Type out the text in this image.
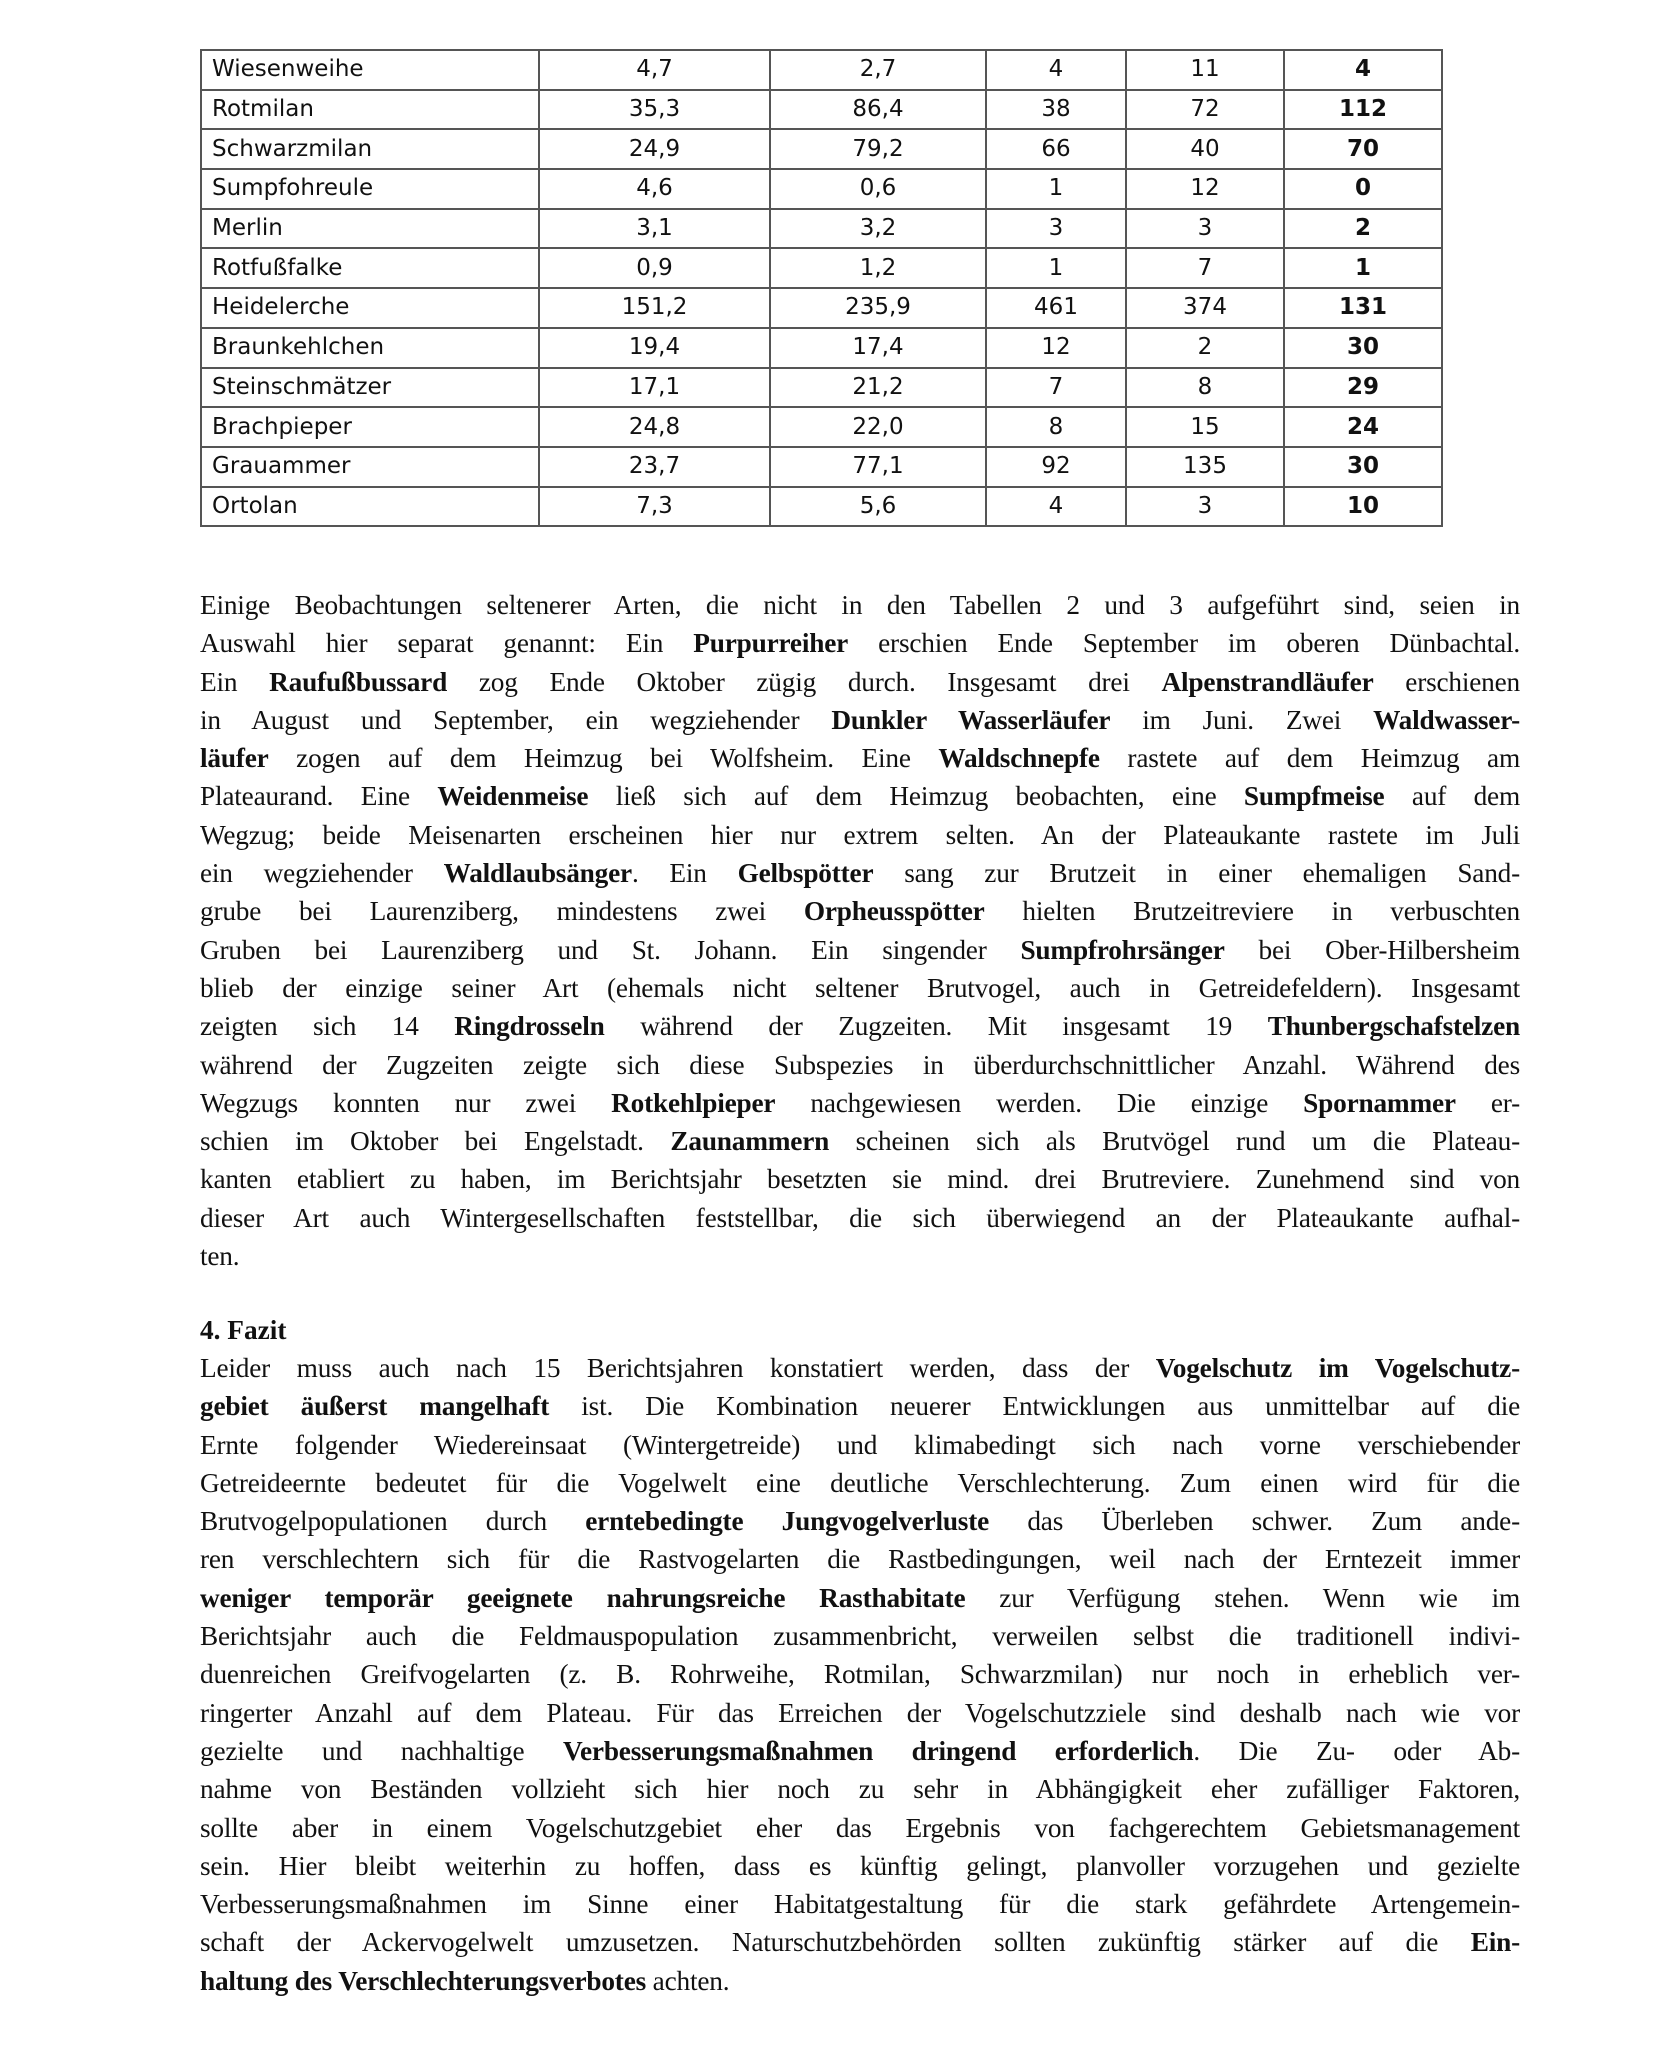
Wiesenweihe	4,7	2,7	4	11	4
Rotmilan	35,3	86,4	38	72	112
Schwarzmilan	24,9	79,2	66	40	70
Sumpfohreule	4,6	0,6	1	12	0
Merlin	3,1	3,2	3	3	2
Rotfußfalke	0,9	1,2	1	7	1
Heidelerche	151,2	235,9	461	374	131
Braunkehlchen	19,4	17,4	12	2	30
Steinschmätzer	17,1	21,2	7	8	29
Brachpieper	24,8	22,0	8	15	24
Grauammer	23,7	77,1	92	135	30
Ortolan	7,3	5,6	4	3	10
Einige Beobachtungen seltenerer Arten, die nicht in den Tabellen 2 und 3 aufgeführt sind, seien in
Auswahl hier separat genannt: Ein Purpurreiher erschien Ende September im oberen Dünbachtal.
Ein Raufußbussard zog Ende Oktober zügig durch. Insgesamt drei Alpenstrandläufer erschienen
in August und September, ein wegziehender Dunkler Wasserläufer im Juni. Zwei Waldwasser-
läufer zogen auf dem Heimzug bei Wolfsheim. Eine Waldschnepfe rastete auf dem Heimzug am
Plateaurand. Eine Weidenmeise ließ sich auf dem Heimzug beobachten, eine Sumpfmeise auf dem
Wegzug; beide Meisenarten erscheinen hier nur extrem selten. An der Plateaukante rastete im Juli
ein wegziehender Waldlaubsänger. Ein Gelbspötter sang zur Brutzeit in einer ehemaligen Sand-
grube bei Laurenziberg, mindestens zwei Orpheusspötter hielten Brutzeitreviere in verbuschten
Gruben bei Laurenziberg und St. Johann. Ein singender Sumpfrohrsänger bei Ober-Hilbersheim
blieb der einzige seiner Art (ehemals nicht seltener Brutvogel, auch in Getreidefeldern). Insgesamt
zeigten sich 14 Ringdrosseln während der Zugzeiten. Mit insgesamt 19 Thunbergschafstelzen
während der Zugzeiten zeigte sich diese Subspezies in überdurchschnittlicher Anzahl. Während des
Wegzugs konnten nur zwei Rotkehlpieper nachgewiesen werden. Die einzige Spornammer er-
schien im Oktober bei Engelstadt. Zaunammern scheinen sich als Brutvögel rund um die Plateau-
kanten etabliert zu haben, im Berichtsjahr besetzten sie mind. drei Brutreviere. Zunehmend sind von
dieser Art auch Wintergesellschaften feststellbar, die sich überwiegend an der Plateaukante aufhal-
ten.
4. Fazit
Leider muss auch nach 15 Berichtsjahren konstatiert werden, dass der Vogelschutz im Vogelschutz-
gebiet äußerst mangelhaft ist. Die Kombination neuerer Entwicklungen aus unmittelbar auf die
Ernte folgender Wiedereinsaat (Wintergetreide) und klimabedingt sich nach vorne verschiebender
Getreideernte bedeutet für die Vogelwelt eine deutliche Verschlechterung. Zum einen wird für die
Brutvogelpopulationen durch erntebedingte Jungvogelverluste das Überleben schwer. Zum ande-
ren verschlechtern sich für die Rastvogelarten die Rastbedingungen, weil nach der Erntezeit immer
weniger temporär geeignete nahrungsreiche Rasthabitate zur Verfügung stehen. Wenn wie im
Berichtsjahr auch die Feldmauspopulation zusammenbricht, verweilen selbst die traditionell indivi-
duenreichen Greifvogelarten (z. B. Rohrweihe, Rotmilan, Schwarzmilan) nur noch in erheblich ver-
ringerter Anzahl auf dem Plateau. Für das Erreichen der Vogelschutzziele sind deshalb nach wie vor
gezielte und nachhaltige Verbesserungsmaßnahmen dringend erforderlich. Die Zu- oder Ab-
nahme von Beständen vollzieht sich hier noch zu sehr in Abhängigkeit eher zufälliger Faktoren,
sollte aber in einem Vogelschutzgebiet eher das Ergebnis von fachgerechtem Gebietsmanagement
sein. Hier bleibt weiterhin zu hoffen, dass es künftig gelingt, planvoller vorzugehen und gezielte
Verbesserungsmaßnahmen im Sinne einer Habitatgestaltung für die stark gefährdete Artengemein-
schaft der Ackervogelwelt umzusetzen. Naturschutzbehörden sollten zukünftig stärker auf die Ein-
haltung des Verschlechterungsverbotes achten.
